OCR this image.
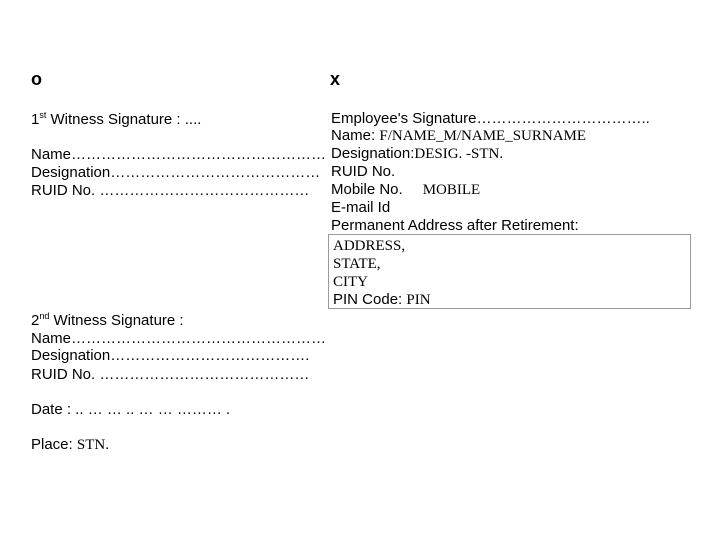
o
1st Witness Signature : ....
Name……………………………………………
Designation……………………………………
RUID No. ……………………………………
2nd Witness Signature :
Name……………………………………………
Designation………………………………….
RUID No. ……………………………………
Date : .. … … .. … … ……… .
Place: STN.
x
Employee's Signature……………………………..
Name: F/NAME_M/NAME_SURNAME
Designation:DESIG. -STN.
RUID No.
Mobile No. MOBILE
E-mail Id
Permanent Address after Retirement:
ADDRESS,
STATE,
CITY
PIN Code: PIN
